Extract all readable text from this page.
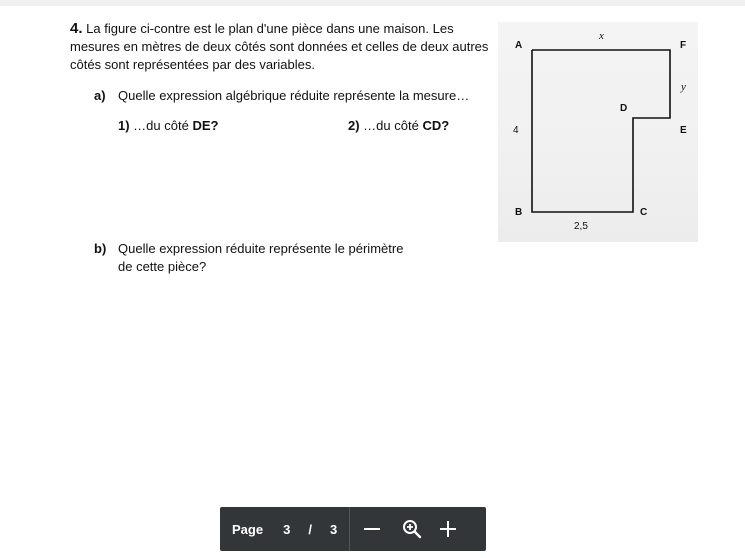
4. La figure ci-contre est le plan d'une pièce dans une maison. Les mesures en mètres de deux côtés sont données et celles de deux autres côtés sont représentées par des variables.
a) Quelle expression algébrique réduite représente la mesure…
1) …du côté DE?	2) …du côté CD?
b) Quelle expression réduite représente le périmètre
de cette pièce?
A	F
D
E
B	C
x
y
4
2,5
Page 3 / 3
